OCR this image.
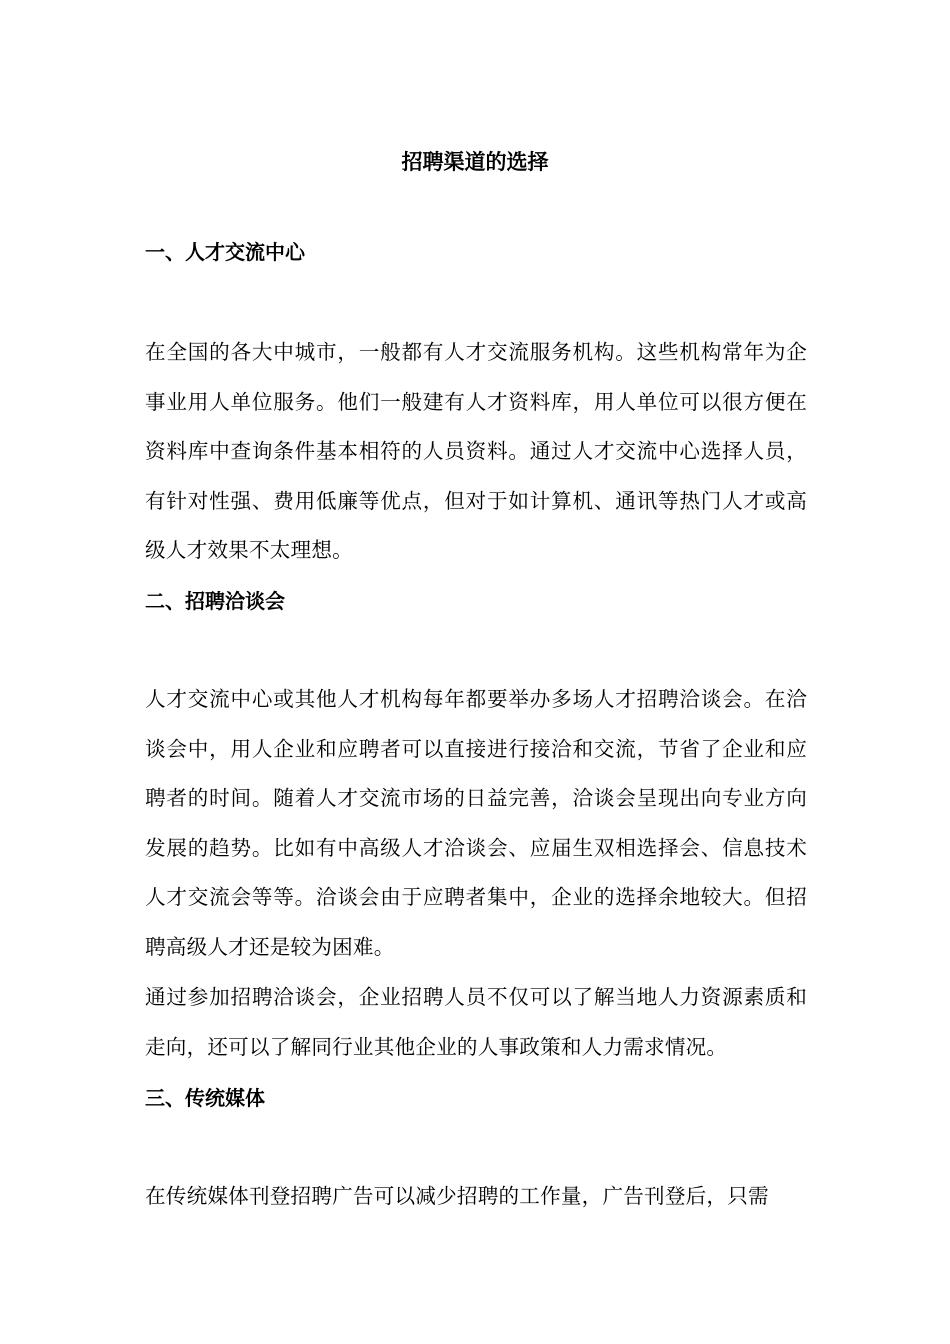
招聘渠道的选择
一、人才交流中心

在全国的各大中城市，一般都有人才交流服务机构。这些机构常年为企事业用人单位服务。他们一般建有人才资料库，用人单位可以很方便在资料库中查询条件基本相符的人员资料。通过人才交流中心选择人员，有针对性强、费用低廉等优点，但对于如计算机、通讯等热门人才或高级人才效果不太理想。

二、招聘洽谈会

人才交流中心或其他人才机构每年都要举办多场人才招聘洽谈会。在洽谈会中，用人企业和应聘者可以直接进行接洽和交流，节省了企业和应聘者的时间。随着人才交流市场的日益完善，洽谈会呈现出向专业方向发展的趋势。比如有中高级人才洽谈会、应届生双相选择会、信息技术人才交流会等等。洽谈会由于应聘者集中，企业的选择余地较大。但招聘高级人才还是较为困难。

通过参加招聘洽谈会，企业招聘人员不仅可以了解当地人力资源素质和走向，还可以了解同行业其他企业的人事政策和人力需求情况。

三、传统媒体

在传统媒体刊登招聘广告可以减少招聘的工作量，广告刊登后，只需
